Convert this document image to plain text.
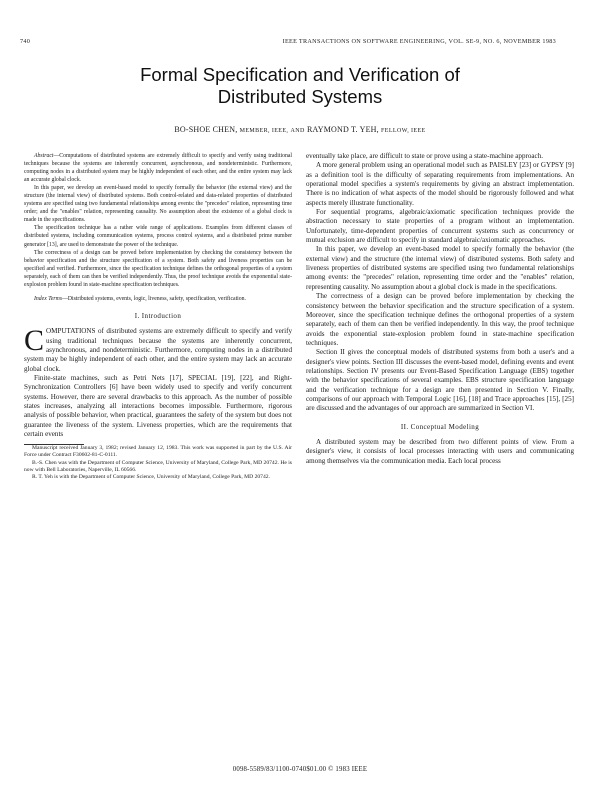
740	IEEE TRANSACTIONS ON SOFTWARE ENGINEERING, VOL. SE-9, NO. 6, NOVEMBER 1983
Formal Specification and Verification of
Distributed Systems
BO-SHOE CHEN, MEMBER, IEEE, AND RAYMOND T. YEH, FELLOW, IEEE

Abstract—Computations of distributed systems are extremely difficult to specify and verify using traditional techniques because the systems are inherently concurrent, asynchronous, and nondeterministic. Furthermore, computing nodes in a distributed system may be highly independent of each other, and the entire system may lack an accurate global clock.

In this paper, we develop an event-based model to specify formally the behavior (the external view) and the structure (the internal view) of distributed systems. Both control-related and data-related properties of distributed systems are specified using two fundamental relationships among events: the "precedes" relation, representing time order; and the "enables" relation, representing causality. No assumption about the existence of a global clock is made in the specifications.

The specification technique has a rather wide range of applications. Examples from different classes of distributed systems, including communication systems, process control systems, and a distributed prime number generator [13], are used to demonstrate the power of the technique.

The correctness of a design can be proved before implementation by checking the consistency between the behavior specification and the structure specification of a system. Both safety and liveness properties can be specified and verified. Furthermore, since the specification technique defines the orthogonal properties of a system separately, each of them can then be verified independently. Thus, the proof technique avoids the exponential state-explosion problem found in state-machine specification techniques.

Index Terms—Distributed systems, events, logic, liveness, safety, specification, verification.

I. Introduction

COMPUTATIONS of distributed systems are extremely difficult to specify and verify using traditional techniques because the systems are inherently concurrent, asynchronous, and nondeterministic. Furthermore, computing nodes in a distributed system may be highly independent of each other, and the entire system may lack an accurate global clock.

Finite-state machines, such as Petri Nets [17], SPECIAL [19], [22], and Right-Synchronization Controllers [6] have been widely used to specify and verify concurrent systems. However, there are several drawbacks to this approach. As the number of possible states increases, analyzing all interactions becomes impossible. Furthermore, rigorous analysis of possible behavior, when practical, guarantees the safety of the system but does not guarantee the liveness of the system. Liveness properties, which are the requirements that certain events

Manuscript received January 3, 1982; revised January 12, 1983. This work was supported in part by the U.S. Air Force under Contract F30602-81-C-0111.

B.-S. Chen was with the Department of Computer Science, University of Maryland, College Park, MD 20742. He is now with Bell Laboratories, Naperville, IL 60566.

R. T. Yeh is with the Department of Computer Science, University of Maryland, College Park, MD 20742.

eventually take place, are difficult to state or prove using a state-machine approach.

A more general problem using an operational model such as PAISLEY [23] or GYPSY [9] as a definition tool is the difficulty of separating requirements from implementations. An operational model specifies a system's requirements by giving an abstract implementation. There is no indication of what aspects of the model should be rigorously followed and what aspects merely illustrate functionality.

For sequential programs, algebraic/axiomatic specification techniques provide the abstraction necessary to state properties of a program without an implementation. Unfortunately, time-dependent properties of concurrent systems such as concurrency or mutual exclusion are difficult to specify in standard algebraic/axiomatic approaches.

In this paper, we develop an event-based model to specify formally the behavior (the external view) and the structure (the internal view) of distributed systems. Both safety and liveness properties of distributed systems are specified using two fundamental relationships among events: the "precedes" relation, representing time order and the "enables" relation, representing causality. No assumption about a global clock is made in the specifications.

The correctness of a design can be proved before implementation by checking the consistency between the behavior specification and the structure specification of a system. Moreover, since the specification technique defines the orthogonal properties of a system separately, each of them can then be verified independently. In this way, the proof technique avoids the exponential state-explosion problem found in state-machine specification techniques.

Section II gives the conceptual models of distributed systems from both a user's and a designer's view points. Section III discusses the event-based model, defining events and event relationships. Section IV presents our Event-Based Specification Language (EBS) together with the behavior specifications of several examples. EBS structure specification language and the verification technique for a design are then presented in Section V. Finally, comparisons of our approach with Temporal Logic [16], [18] and Trace approaches [15], [25] are discussed and the advantages of our approach are summarized in Section VI.

II. Conceptual Modeling

A distributed system may be described from two different points of view. From a designer's view, it consists of local processes interacting with users and communicating among themselves via the communication media. Each local process

0098-5589/83/1100-0740$01.00 © 1983 IEEE
